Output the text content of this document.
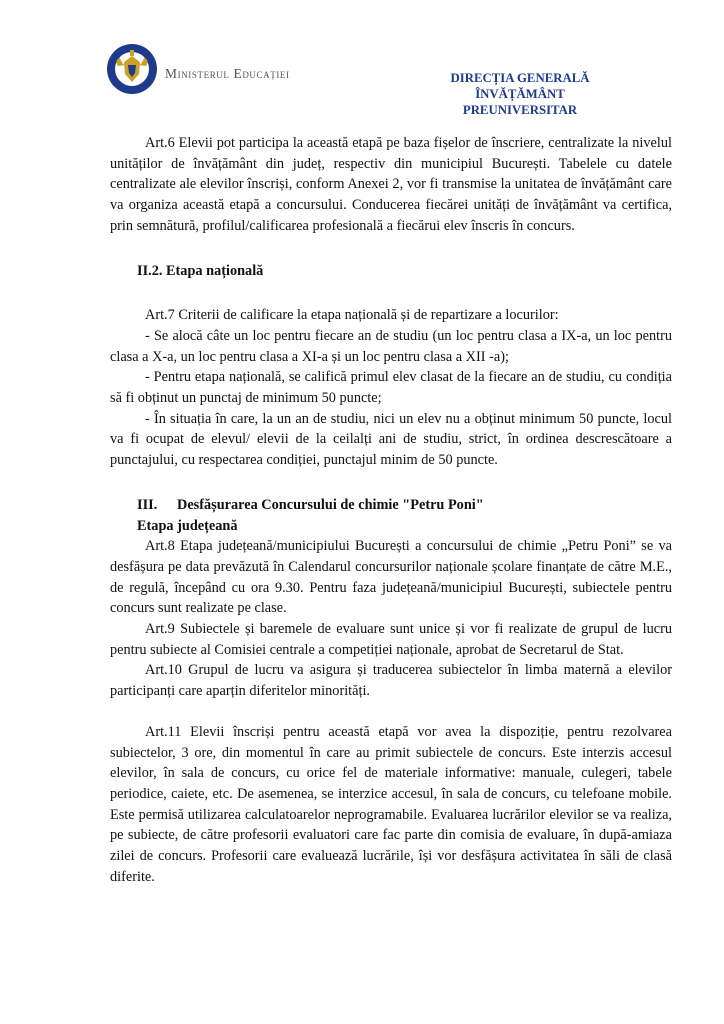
Ministerul Educației	DIRECȚIA GENERALĂ ÎNVĂȚĂMÂNT
PREUNIVERSITAR

Art.6 Elevii pot participa la această etapă pe baza fișelor de înscriere, centralizate la nivelul unităților de învățământ din județ, respectiv din municipiul București. Tabelele cu datele centralizate ale elevilor înscriși, conform Anexei 2, vor fi transmise la unitatea de învățământ care va organiza această etapă a concursului. Conducerea fiecărei unități de învățământ va certifica, prin semnătură, profilul/calificarea profesională a fiecărui elev înscris în concurs.

II.2. Etapa națională

Art.7 Criterii de calificare la etapa națională și de repartizare a locurilor:

- Se alocă câte un loc pentru fiecare an de studiu (un loc pentru clasa a IX-a, un loc pentru clasa a X-a, un loc pentru clasa a XI-a și un loc pentru clasa a XII -a);

- Pentru etapa națională, se califică primul elev clasat de la fiecare an de studiu, cu condiția să fi obținut un punctaj de minimum 50 puncte;

- În situația în care, la un an de studiu, nici un elev nu a obținut minimum 50 puncte, locul va fi ocupat de elevul/ elevii de la ceilalți ani de studiu, strict, în ordinea descrescătoare a punctajului, cu respectarea condiției, punctajul minim de 50 puncte.

III. Desfășurarea Concursului de chimie "Petru Poni"

Etapa județeană

Art.8 Etapa județeană/municipiului București a concursului de chimie „Petru Poni” se va desfășura pe data prevăzută în Calendarul concursurilor naționale școlare finanțate de către M.E., de regulă, începând cu ora 9.30. Pentru faza județeană/municipiul București, subiectele pentru concurs sunt realizate pe clase.

Art.9 Subiectele și baremele de evaluare sunt unice și vor fi realizate de grupul de lucru pentru subiecte al Comisiei centrale a competiției naționale, aprobat de Secretarul de Stat.

Art.10 Grupul de lucru va asigura și traducerea subiectelor în limba maternă a elevilor participanți care aparțin diferitelor minorități.

Art.11 Elevii înscriși pentru această etapă vor avea la dispoziție, pentru rezolvarea subiectelor, 3 ore, din momentul în care au primit subiectele de concurs. Este interzis accesul elevilor, în sala de concurs, cu orice fel de materiale informative: manuale, culegeri, tabele periodice, caiete, etc. De asemenea, se interzice accesul, în sala de concurs, cu telefoane mobile. Este permisă utilizarea calculatoarelor neprogramabile. Evaluarea lucrărilor elevilor se va realiza, pe subiecte, de către profesorii evaluatori care fac parte din comisia de evaluare, în după-amiaza zilei de concurs. Profesorii care evaluează lucrările, își vor desfășura activitatea în săli de clasă diferite.
